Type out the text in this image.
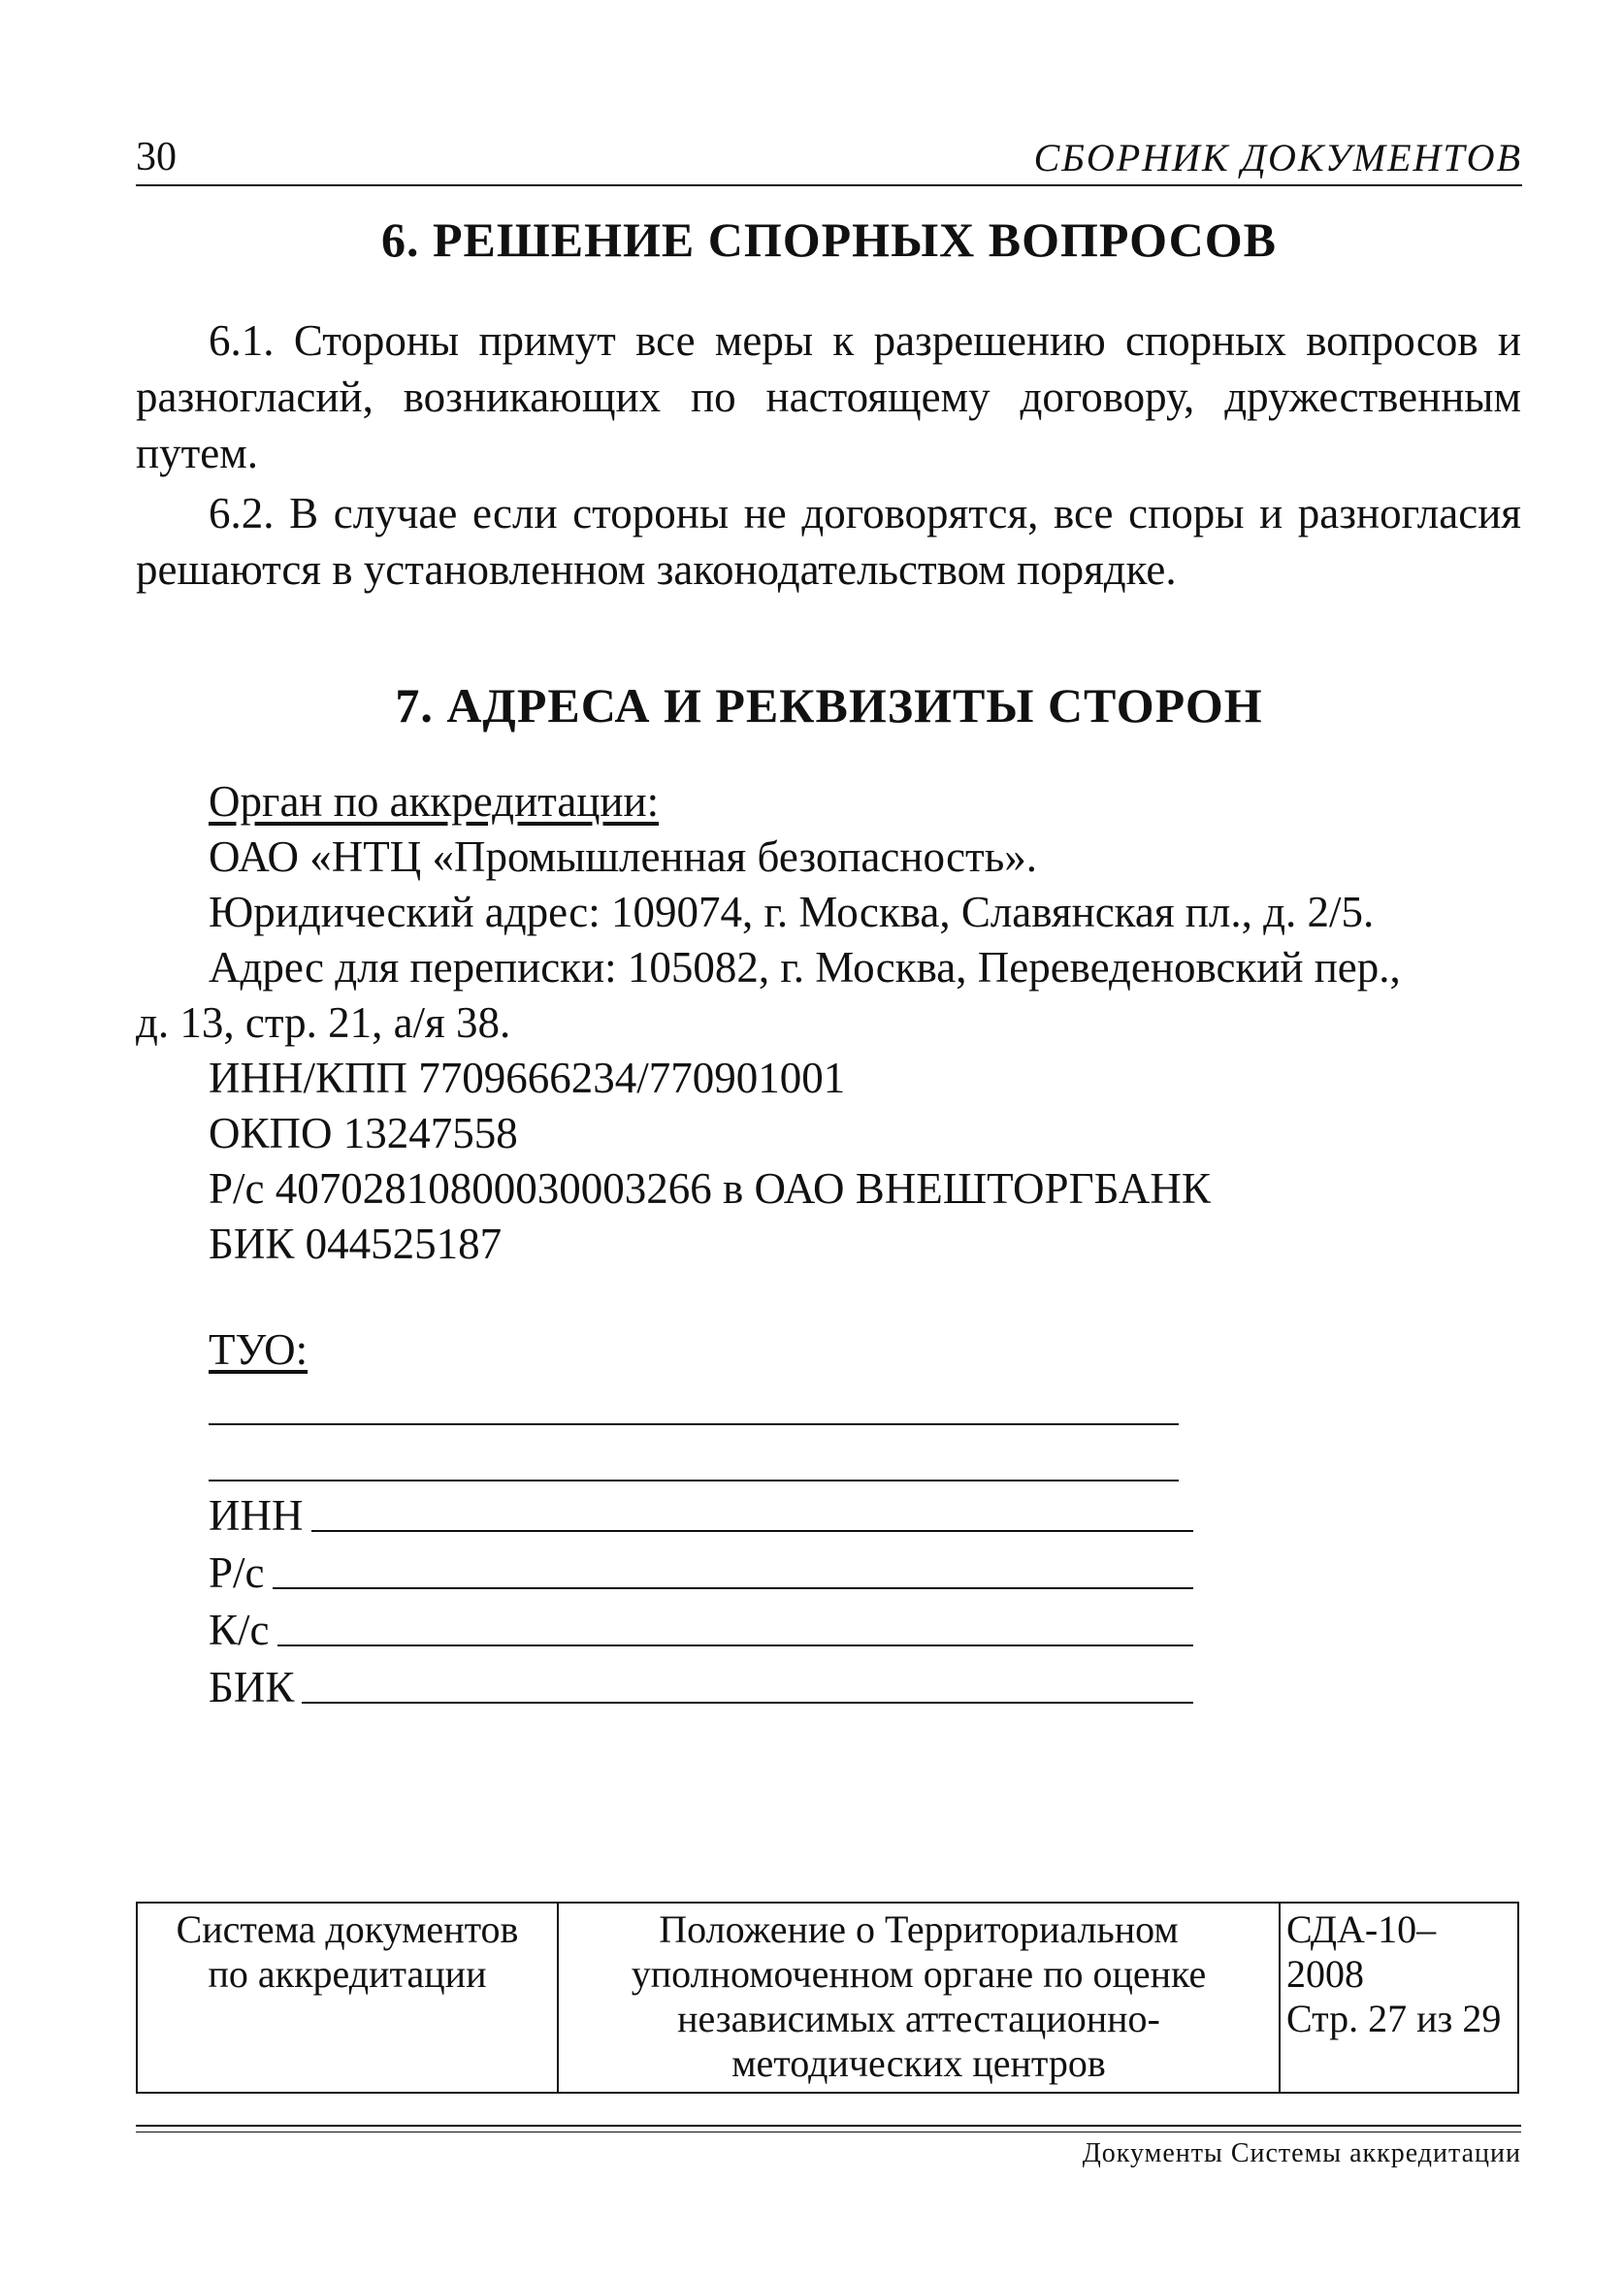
30	СБОРНИК ДОКУМЕНТОВ
6. РЕШЕНИЕ СПОРНЫХ ВОПРОСОВ

6.1. Стороны примут все меры к разрешению спорных вопросов и разногласий, возникающих по настоящему договору, дружественным путем.

6.2. В случае если стороны не договорятся, все споры и разногласия решаются в установленном законодательством порядке.

7. АДРЕСА И РЕКВИЗИТЫ СТОРОН
Орган по аккредитации:
ОАО «НТЦ «Промышленная безопасность».
Юридический адрес: 109074, г. Москва, Славянская пл., д. 2/5.
Адрес для переписки: 105082, г. Москва, Переведеновский пер.,
д. 13, стр. 21, а/я 38.
ИНН/КПП 7709666234/770901001
ОКПО 13247558
Р/с 40702810800030003266 в ОАО ВНЕШТОРГБАНК
БИК 044525187
ТУО:
ИНН
Р/с
К/с
БИК
Система документов
по аккредитации

Положение о Территориальном
уполномоченном органе по оценке
независимых аттестационно-
методических центров

СДА-10–2008
Стр. 27 из 29
Документы Системы аккредитации
